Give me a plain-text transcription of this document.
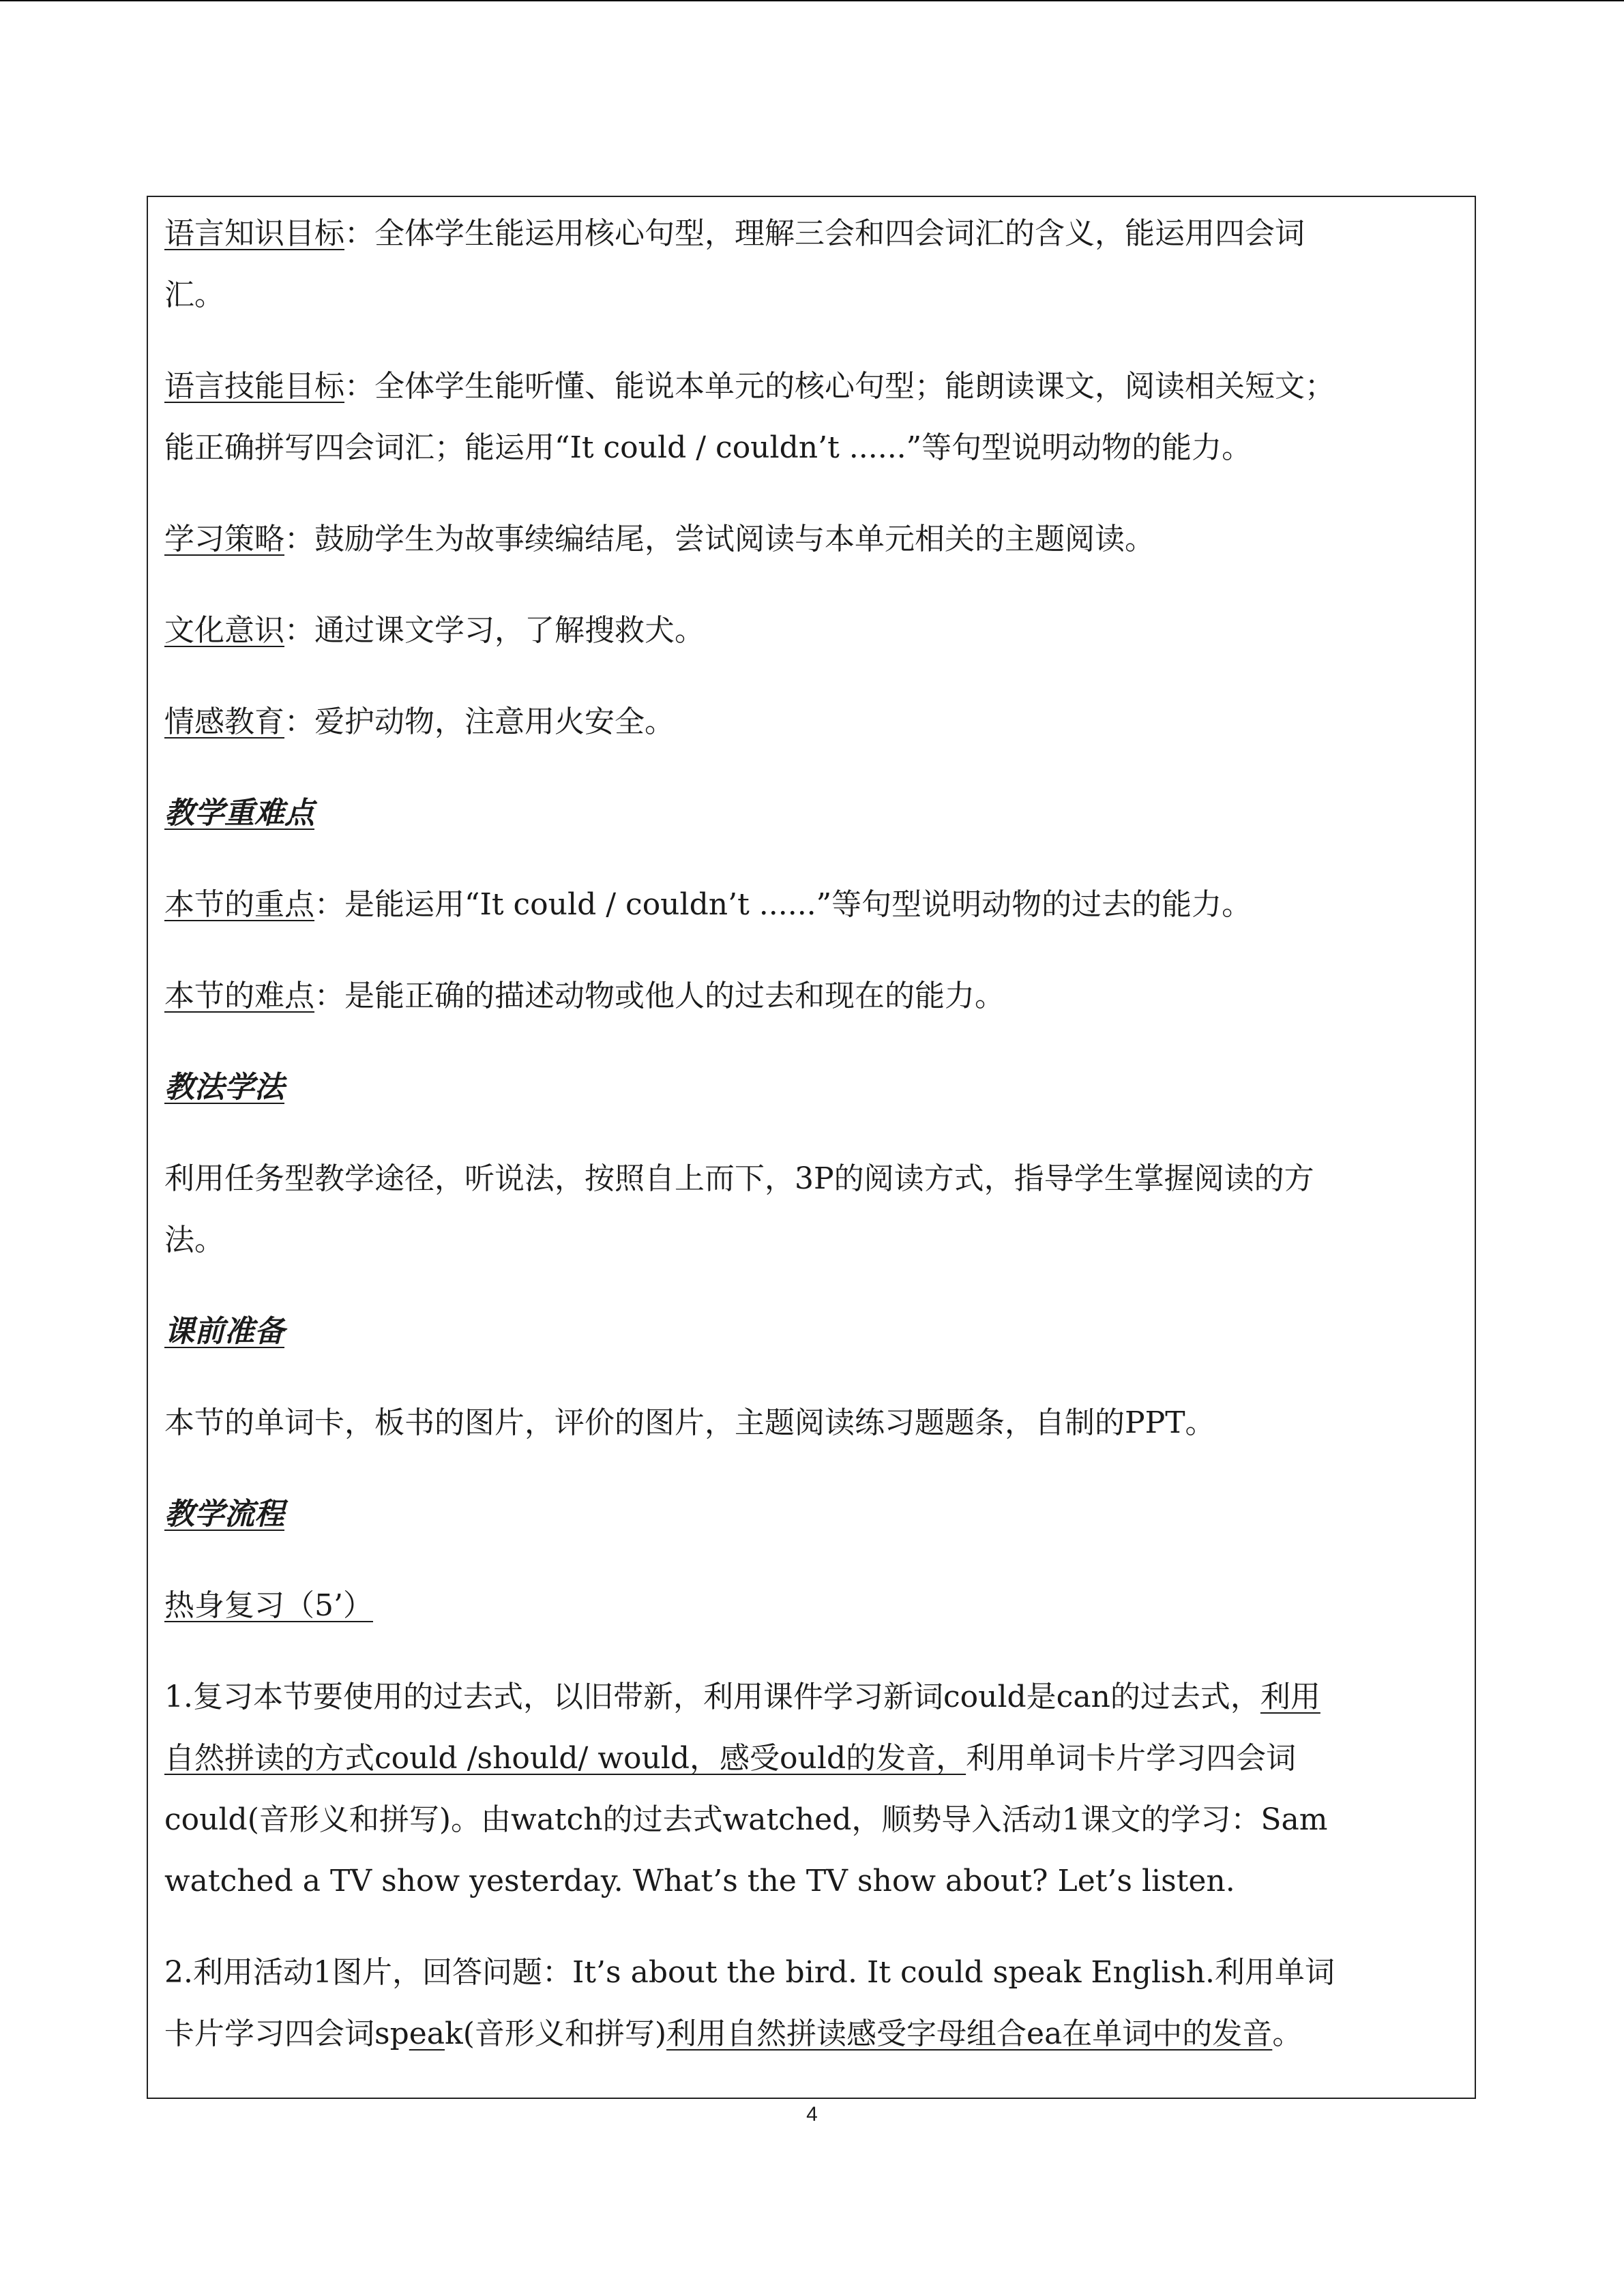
语言知识目标：全体学生能运用核心句型，理解三会和四会词汇的含义，能运用四会词
汇。
语言技能目标：全体学生能听懂、能说本单元的核心句型；能朗读课文，阅读相关短文；
能正确拼写四会词汇；能运用“It could / couldn’t ......”等句型说明动物的能力。
学习策略：鼓励学生为故事续编结尾，尝试阅读与本单元相关的主题阅读。
文化意识：通过课文学习，了解搜救犬。
情感教育：爱护动物，注意用火安全。
教学重难点
本节的重点：是能运用“It could / couldn’t ......”等句型说明动物的过去的能力。
本节的难点：是能正确的描述动物或他人的过去和现在的能力。
教法学法
利用任务型教学途径，听说法，按照自上而下，3P的阅读方式，指导学生掌握阅读的方
法。
课前准备
本节的单词卡，板书的图片，评价的图片，主题阅读练习题题条，自制的PPT。
教学流程
热身复习（5’）
1.复习本节要使用的过去式，以旧带新，利用课件学习新词could是can的过去式，利用
自然拼读的方式could /should/ would，感受ould的发音，利用单词卡片学习四会词
could(音形义和拼写)。由watch的过去式watched，顺势导入活动1课文的学习：Sam
watched a TV show yesterday. What’s the TV show about? Let’s listen.
2.利用活动1图片，回答问题：It’s about the bird. It could speak English.利用单词
卡片学习四会词speak(音形义和拼写)利用自然拼读感受字母组合ea在单词中的发音。
4
